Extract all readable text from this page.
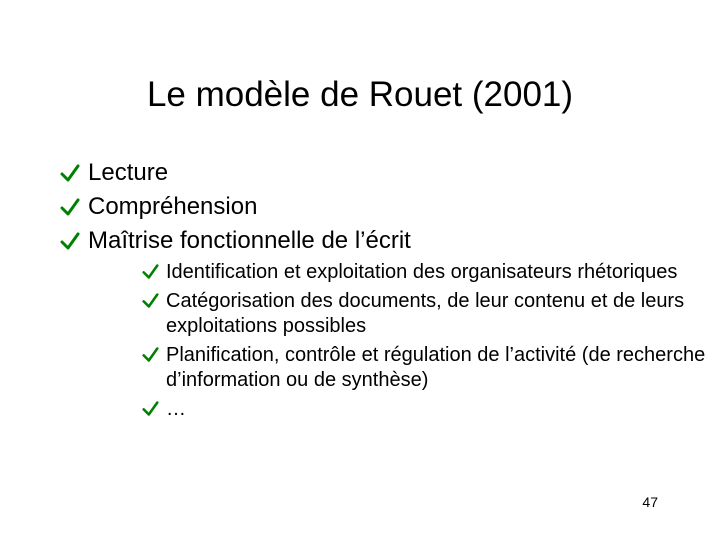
Le modèle de Rouet (2001)
Lecture
Compréhension
Maîtrise fonctionnelle de l’écrit
Identification et exploitation des organisateurs rhétoriques
Catégorisation des documents, de leur contenu et de leurs exploitations possibles
Planification, contrôle et régulation de l’activité (de recherche d’information ou de synthèse)
…
47
